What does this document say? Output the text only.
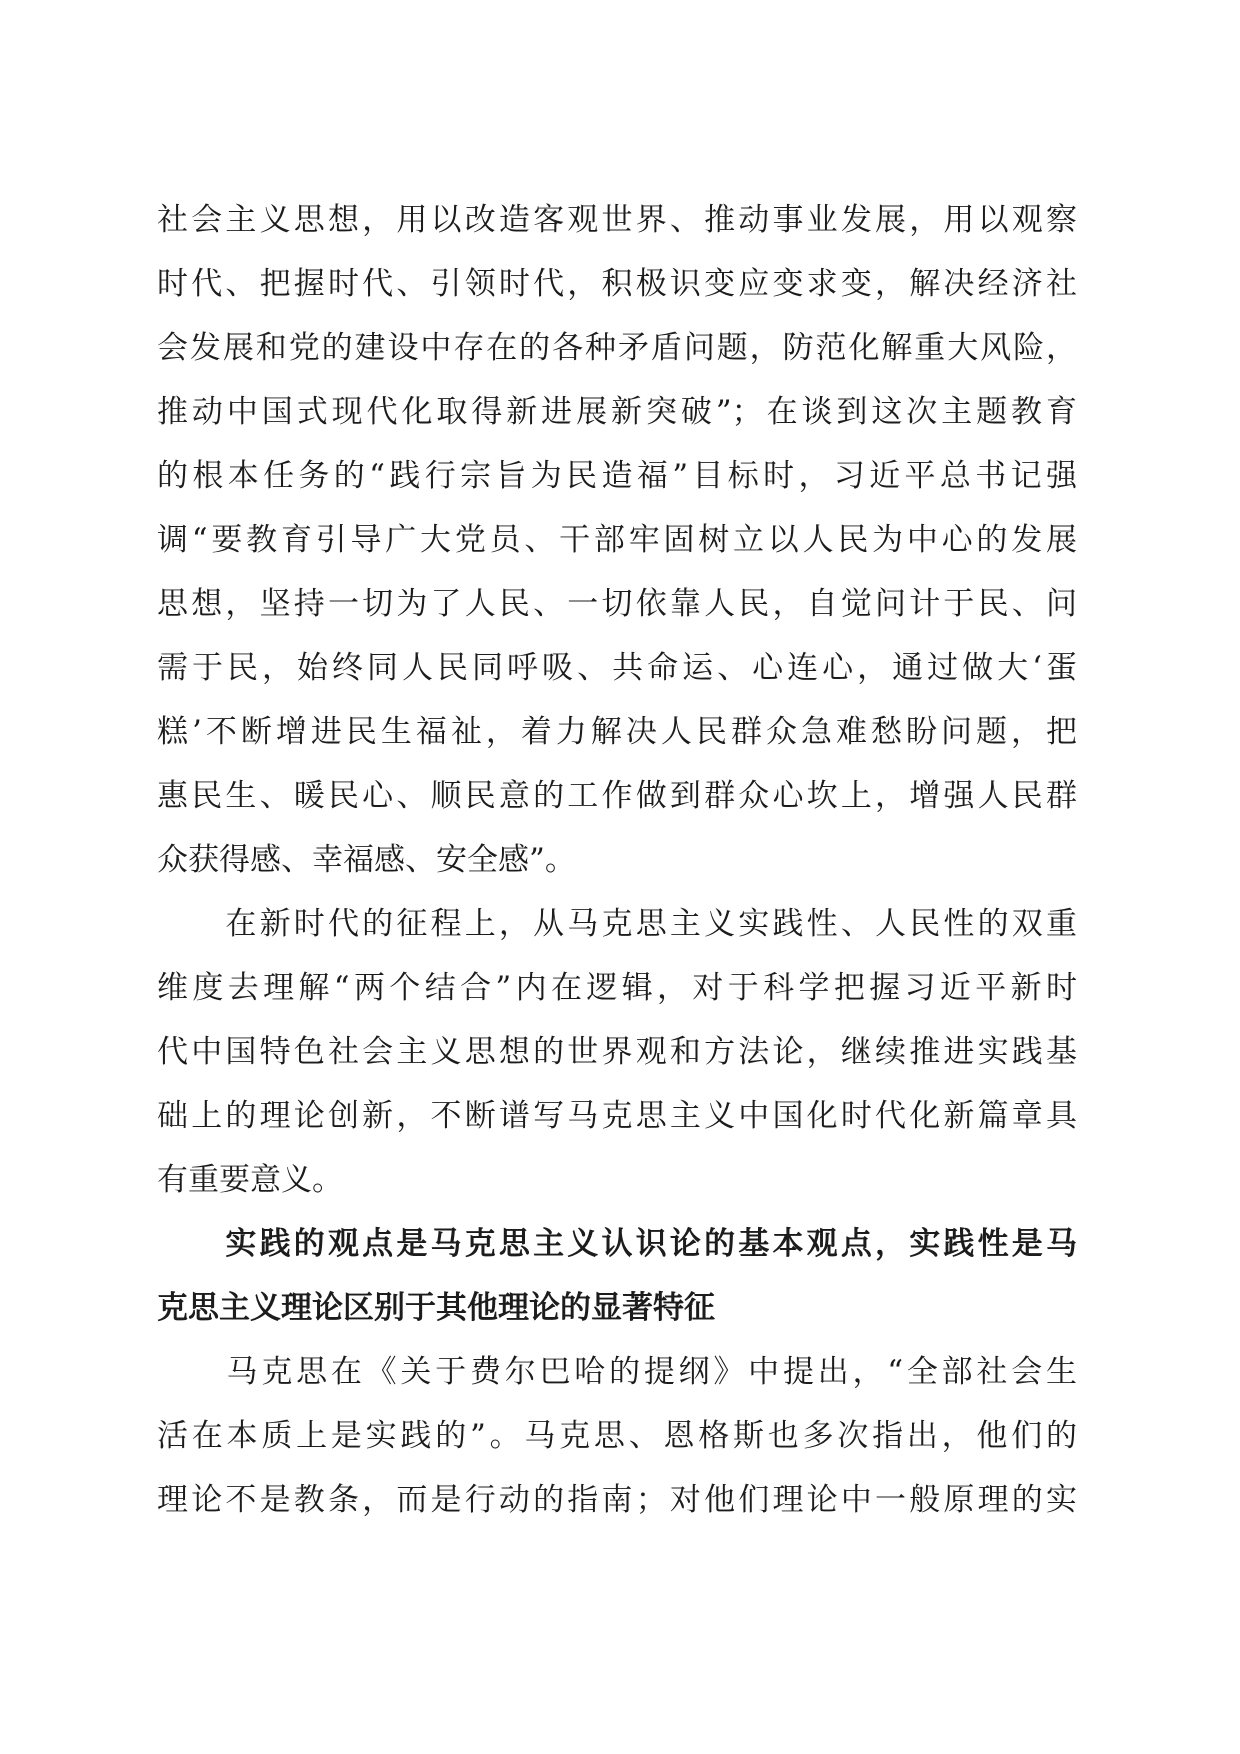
社会主义思想，用以改造客观世界、推动事业发展，用以观察
时代、把握时代、引领时代，积极识变应变求变，解决经济社
会发展和党的建设中存在的各种矛盾问题，防范化解重大风险，
推动中国式现代化取得新进展新突破”；在谈到这次主题教育
的根本任务的“践行宗旨为民造福”目标时，习近平总书记强
调“要教育引导广大党员、干部牢固树立以人民为中心的发展
思想，坚持一切为了人民、一切依靠人民，自觉问计于民、问
需于民，始终同人民同呼吸、共命运、心连心，通过做大‘蛋
糕’不断增进民生福祉，着力解决人民群众急难愁盼问题，把
惠民生、暖民心、顺民意的工作做到群众心坎上，增强人民群
众获得感、幸福感、安全感”。
　　在新时代的征程上，从马克思主义实践性、人民性的双重
维度去理解“两个结合”内在逻辑，对于科学把握习近平新时
代中国特色社会主义思想的世界观和方法论，继续推进实践基
础上的理论创新，不断谱写马克思主义中国化时代化新篇章具
有重要意义。
　　实践的观点是马克思主义认识论的基本观点，实践性是马
克思主义理论区别于其他理论的显著特征
　　马克思在《关于费尔巴哈的提纲》中提出，“全部社会生
活在本质上是实践的”。马克思、恩格斯也多次指出，他们的
理论不是教条，而是行动的指南；对他们理论中一般原理的实
